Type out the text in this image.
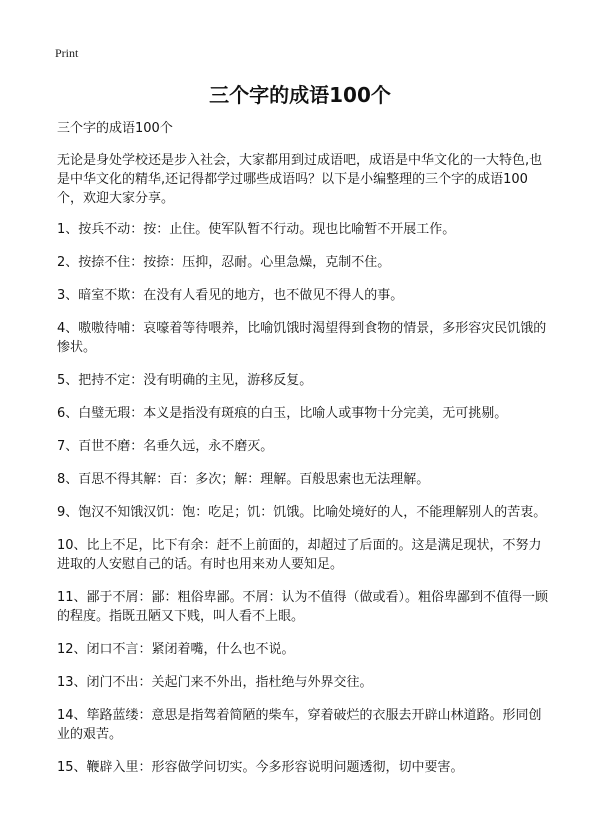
Print
三个字的成语100个

三个字的成语100个

无论是身处学校还是步入社会，大家都用到过成语吧，成语是中华文化的一大特色,也是中华文化的精华,还记得都学过哪些成语吗？以下是小编整理的三个字的成语100个，欢迎大家分享。

1、按兵不动：按：止住。使军队暂不行动。现也比喻暂不开展工作。
2、按捺不住：按捺：压抑，忍耐。心里急燥，克制不住。
3、暗室不欺：在没有人看见的地方，也不做见不得人的事。
4、嗷嗷待哺：哀嚎着等待喂养，比喻饥饿时渴望得到食物的情景，多形容灾民饥饿的惨状。
5、把持不定：没有明确的主见，游移反复。
6、白璧无瑕：本义是指没有斑痕的白玉，比喻人或事物十分完美，无可挑剔。
7、百世不磨：名垂久远，永不磨灭。
8、百思不得其解：百：多次；解：理解。百般思索也无法理解。
9、饱汉不知饿汉饥：饱：吃足；饥：饥饿。比喻处境好的人，不能理解别人的苦衷。
10、比上不足，比下有余：赶不上前面的，却超过了后面的。这是满足现状，不努力进取的人安慰自己的话。有时也用来劝人要知足。
11、鄙于不屑：鄙：粗俗卑鄙。不屑：认为不值得（做或看）。粗俗卑鄙到不值得一顾的程度。指既丑陋又下贱，叫人看不上眼。
12、闭口不言：紧闭着嘴，什么也不说。
13、闭门不出：关起门来不外出，指杜绝与外界交往。
14、筚路蓝缕：意思是指驾着简陋的柴车，穿着破烂的衣服去开辟山林道路。形同创业的艰苦。
15、鞭辟入里：形容做学问切实。今多形容说明问题透彻，切中要害。
